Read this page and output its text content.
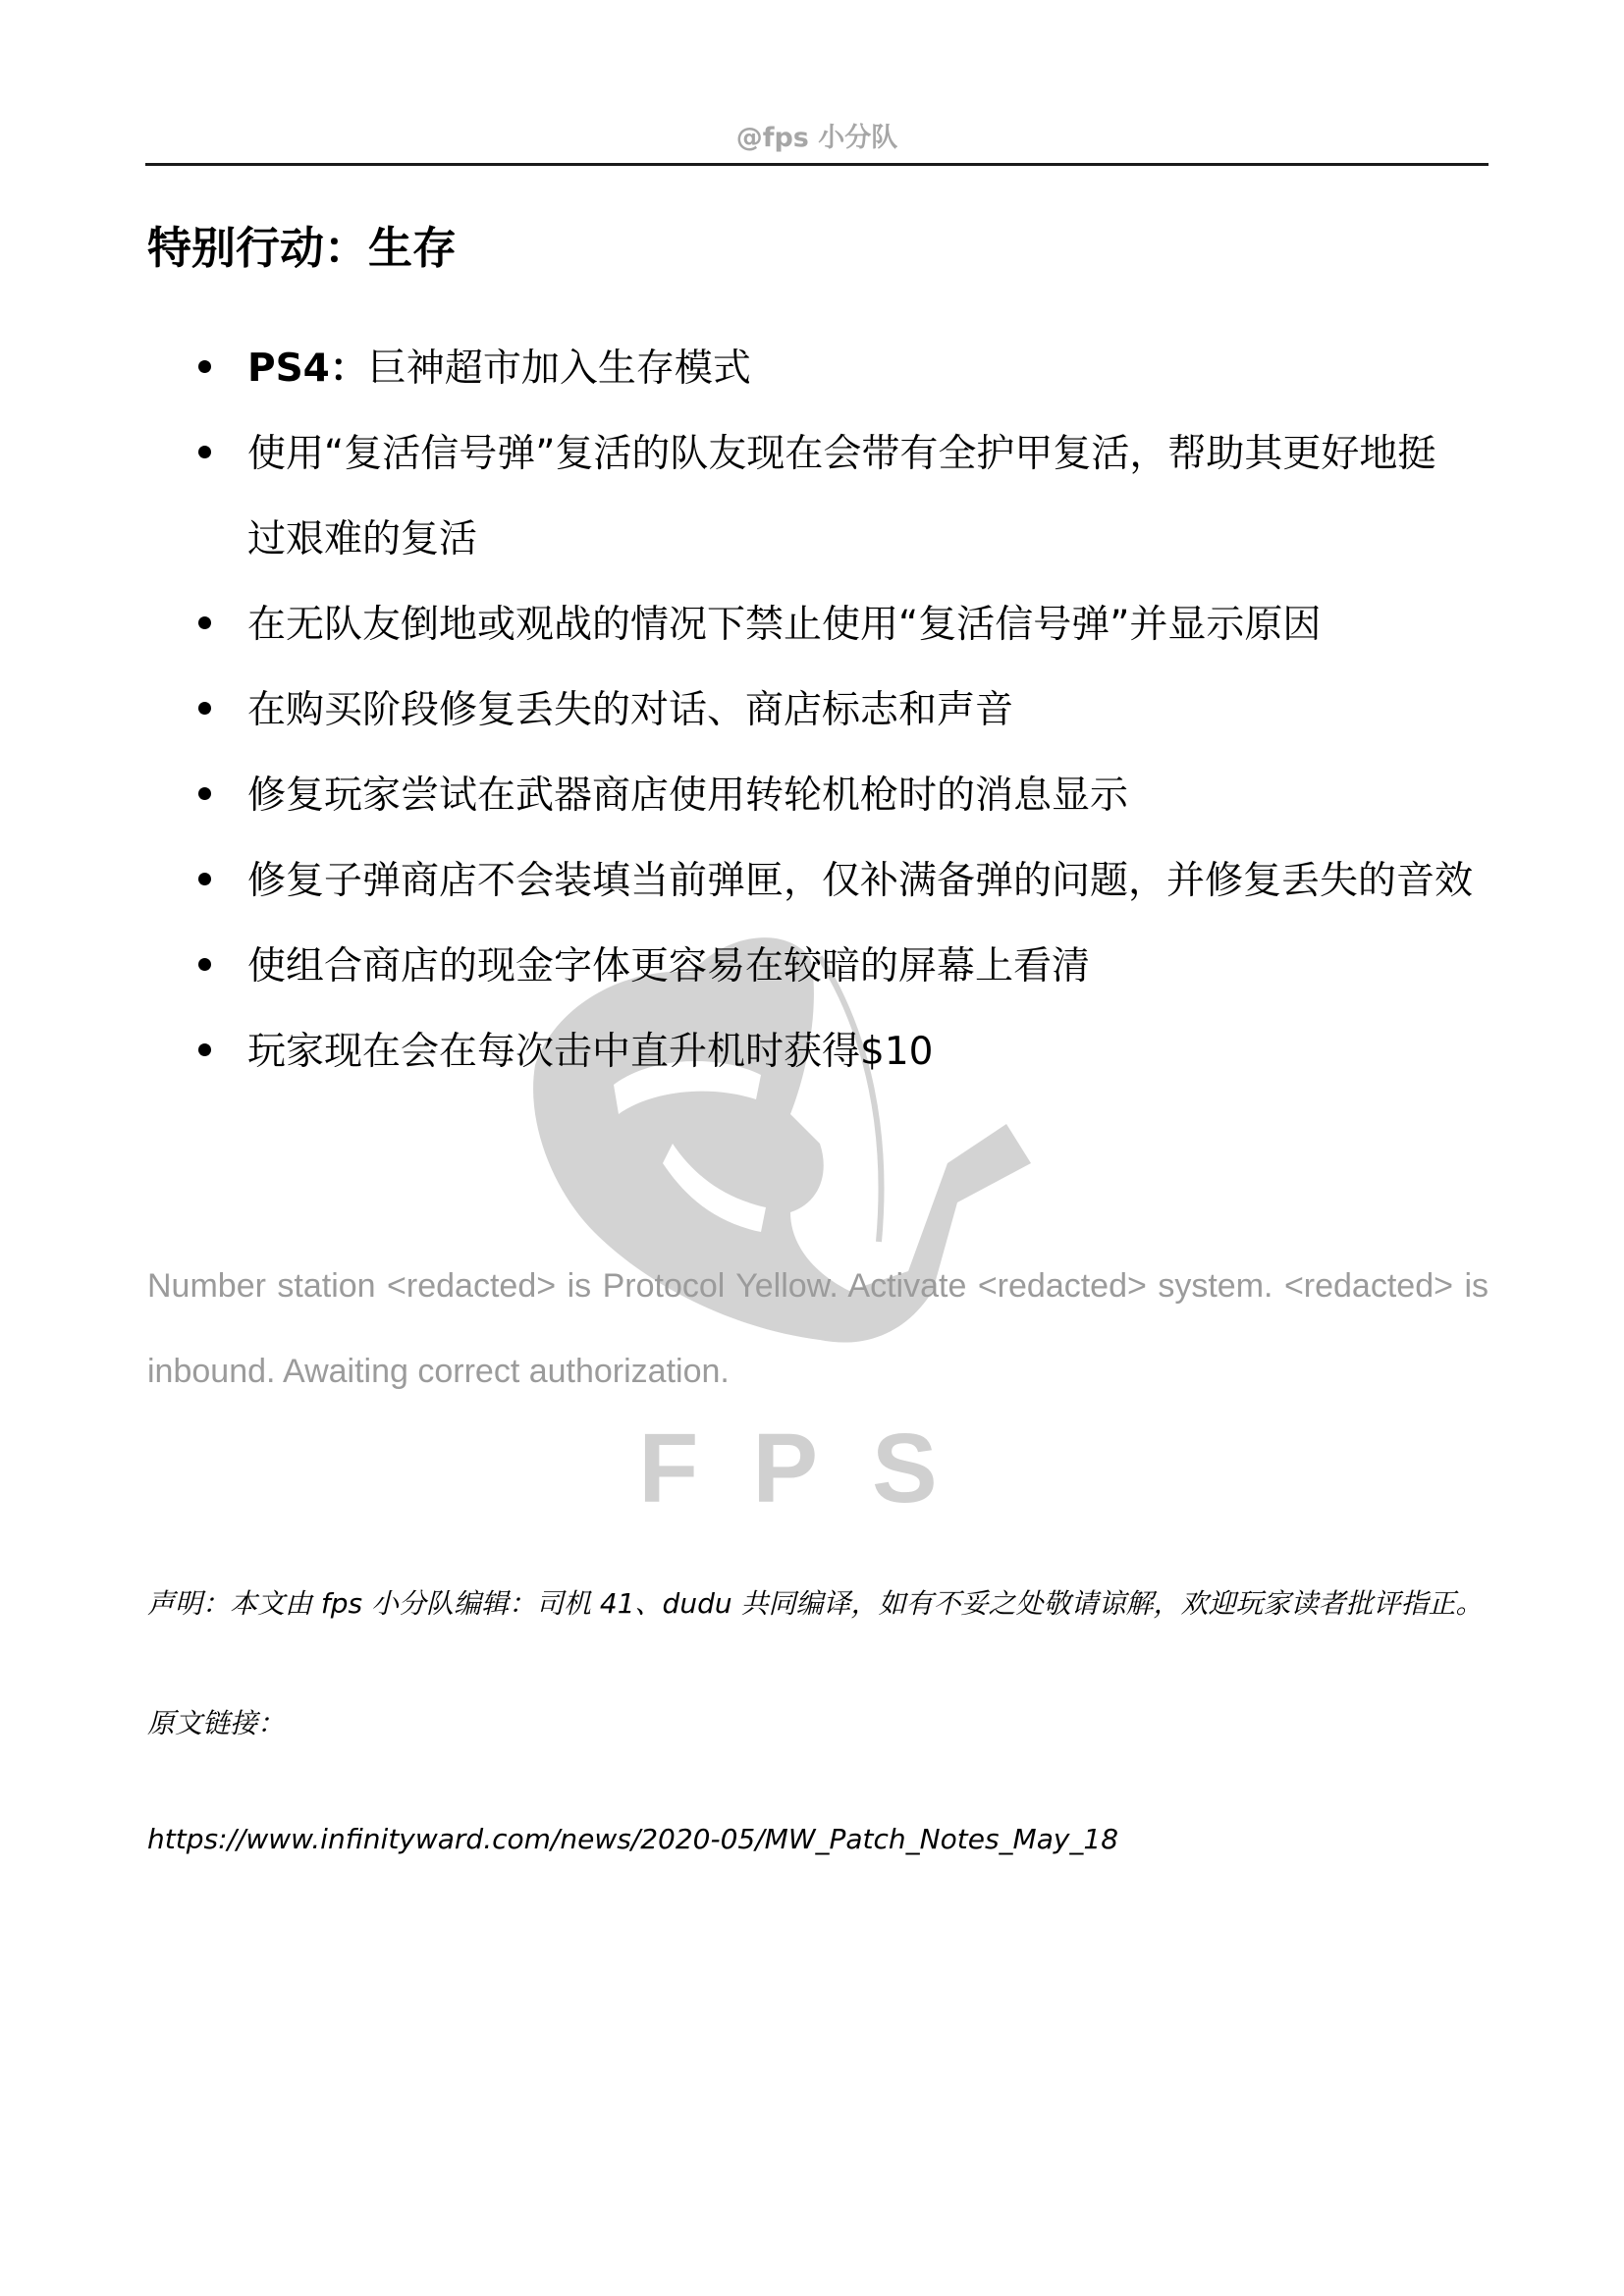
@fps 小分队
特别行动：生存
PS4：巨神超市加入生存模式
使用“复活信号弹”复活的队友现在会带有全护甲复活，帮助其更好地挺
过艰难的复活
在无队友倒地或观战的情况下禁止使用“复活信号弹”并显示原因
在购买阶段修复丢失的对话、商店标志和声音
修复玩家尝试在武器商店使用转轮机枪时的消息显示
修复子弹商店不会装填当前弹匣，仅补满备弹的问题，并修复丢失的音效
使组合商店的现金字体更容易在较暗的屏幕上看清
玩家现在会在每次击中直升机时获得$10
Number station <redacted> is Protocol Yellow. Activate <redacted> system. <redacted> is inbound. Awaiting correct authorization.
FPS
声明：本文由 fps 小分队编辑：司机 41、dudu 共同编译，如有不妥之处敬请谅解，欢迎玩家读者批评指正。
原文链接：
https://www.infinityward.com/news/2020-05/MW_Patch_Notes_May_18
